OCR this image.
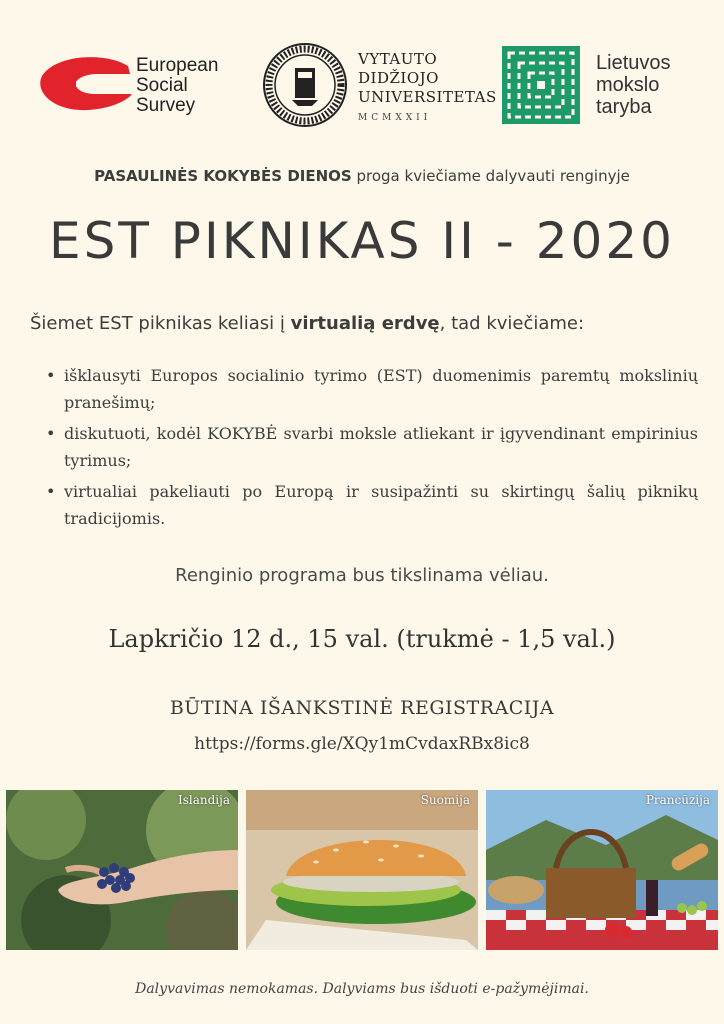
European
Social
Survey
VYTAUTO
DIDŽIOJO
UNIVERSITETAS
MCMXXII
Lietuvos
mokslo
taryba
PASAULINĖS KOKYBĖS DIENOS proga kviečiame dalyvauti renginyje
EST PIKNIKAS II - 2020
Šiemet EST piknikas keliasi į virtualią erdvę, tad kviečiame:
• išklausyti Europos socialinio tyrimo (EST) duomenimis paremtų mokslinių pranešimų;
• diskutuoti, kodėl KOKYBĖ svarbi moksle atliekant ir įgyvendinant empirinius tyrimus;
• virtualiai pakeliauti po Europą ir susipažinti su skirtingų šalių piknikų tradicijomis.
Renginio programa bus tikslinama vėliau.
Lapkričio 12 d., 15 val. (trukmė - 1,5 val.)
BŪTINA IŠANKSTINĖ REGISTRACIJA
https://forms.gle/XQy1mCvdaxRBx8ic8
Islandija	Suomija	Prancūzija
Dalyvavimas nemokamas. Dalyviams bus išduoti e-pažymėjimai.
